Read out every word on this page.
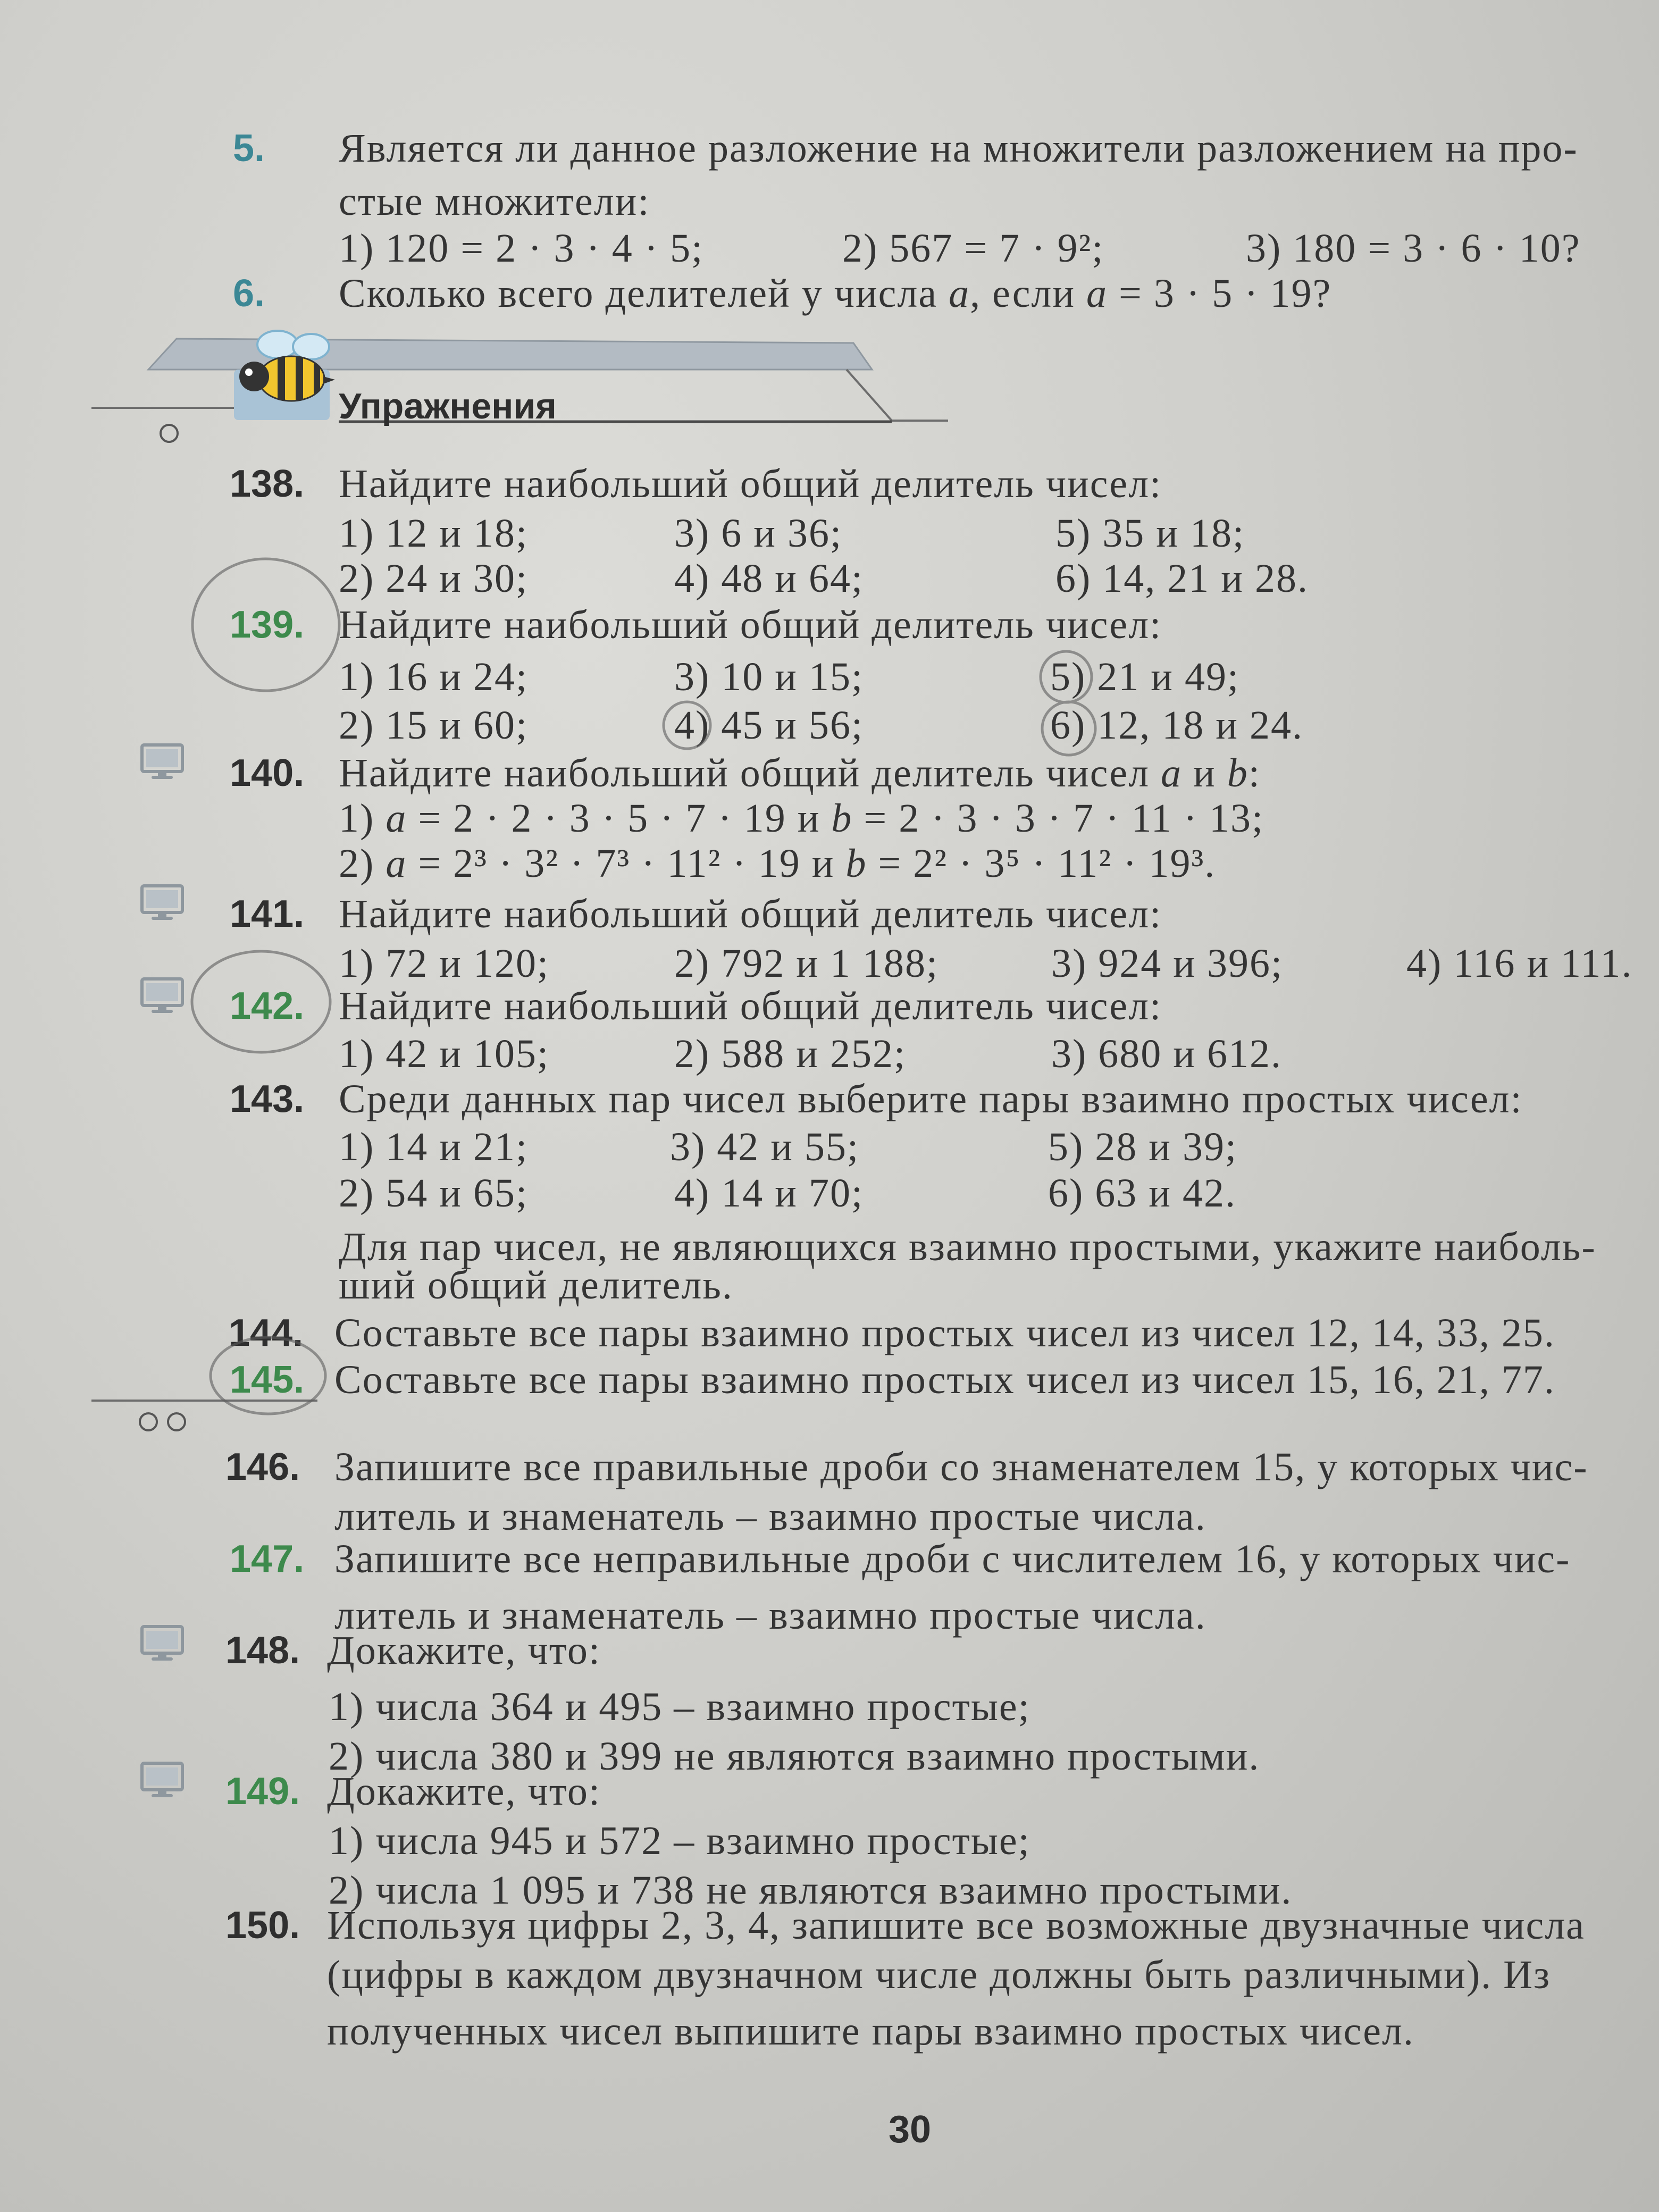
5. Является ли данное разложение на множители разложением на про-
стые множители:
1) 120 = 2 · 3 · 4 · 5;	2) 567 = 7 · 9²;	3) 180 = 3 · 6 · 10?
6. Сколько всего делителей у числа a, если a = 3 · 5 · 19?
Упражнения
138. Найдите наибольший общий делитель чисел:
1) 12 и 18;	3) 6 и 36;	5) 35 и 18;
2) 24 и 30;	4) 48 и 64;	6) 14, 21 и 28.
139. Найдите наибольший общий делитель чисел:
1) 16 и 24;	3) 10 и 15;	5) 21 и 49;
2) 15 и 60;	4) 45 и 56;	6) 12, 18 и 24.
140. Найдите наибольший общий делитель чисел a и b:
1) a = 2 · 2 · 3 · 5 · 7 · 19 и b = 2 · 3 · 3 · 7 · 11 · 13;
2) a = 2³ · 3² · 7³ · 11² · 19 и b = 2² · 3⁵ · 11² · 19³.
141. Найдите наибольший общий делитель чисел:
1) 72 и 120;	2) 792 и 1 188;	3) 924 и 396;	4) 116 и 111.
142. Найдите наибольший общий делитель чисел:
1) 42 и 105;	2) 588 и 252;	3) 680 и 612.
143. Среди данных пар чисел выберите пары взаимно простых чисел:
1) 14 и 21;	3) 42 и 55;	5) 28 и 39;
2) 54 и 65;	4) 14 и 70;	6) 63 и 42.
Для пар чисел, не являющихся взаимно простыми, укажите наиболь-
ший общий делитель.
144. Составьте все пары взаимно простых чисел из чисел 12, 14, 33, 25.
145. Составьте все пары взаимно простых чисел из чисел 15, 16, 21, 77.
146. Запишите все правильные дроби со знаменателем 15, у которых чис-
литель и знаменатель – взаимно простые числа.
147. Запишите все неправильные дроби с числителем 16, у которых чис-
литель и знаменатель – взаимно простые числа.
148. Докажите, что:
1) числа 364 и 495 – взаимно простые;
2) числа 380 и 399 не являются взаимно простыми.
149. Докажите, что:
1) числа 945 и 572 – взаимно простые;
2) числа 1 095 и 738 не являются взаимно простыми.
150. Используя цифры 2, 3, 4, запишите все возможные двузначные числа
(цифры в каждом двузначном числе должны быть различными). Из
полученных чисел выпишите пары взаимно простых чисел.
30
